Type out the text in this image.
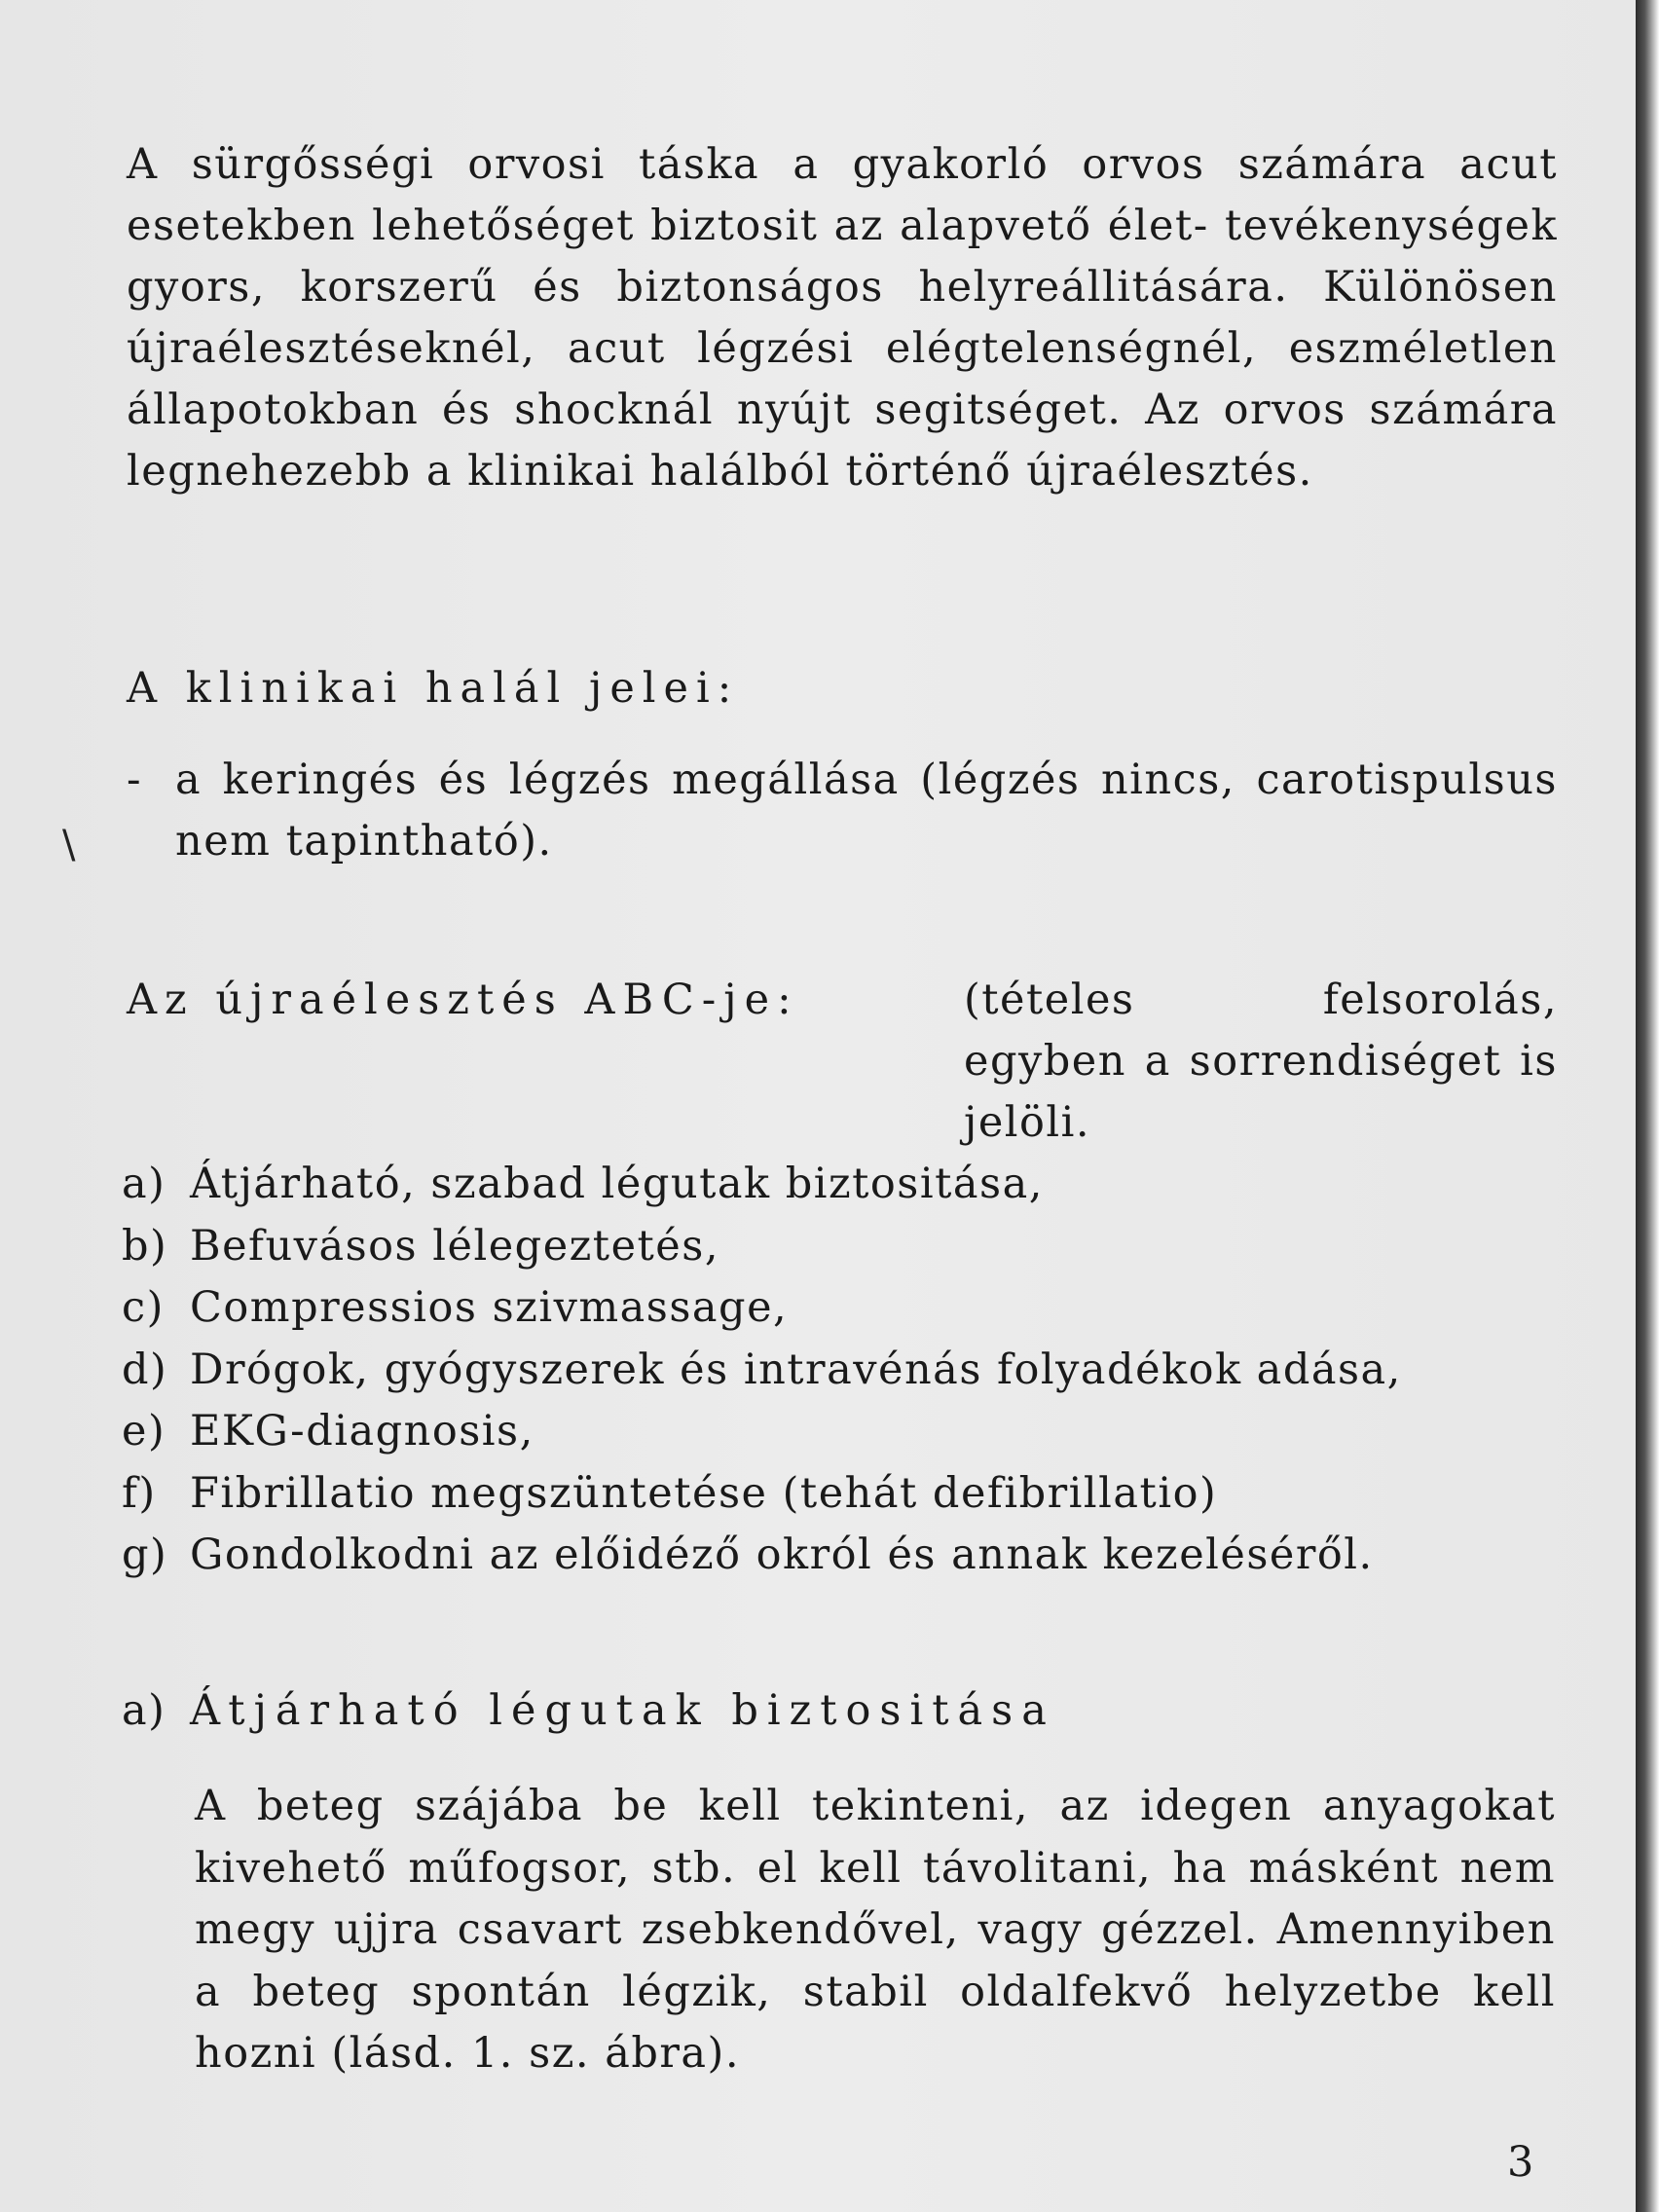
A sürgősségi orvosi táska a gyakorló orvos számára acut esetekben lehetőséget biztosit az alapvető élet- tevékenységek gyors, korszerű és biztonságos helyreállitására. Különösen újraélesztéseknél, acut légzési elégtelenségnél, eszméletlen állapotokban és shocknál nyújt segitséget. Az orvos számára legnehezebb a klinikai halálból történő újraélesztés.

A klinikai halál jelei:
- a keringés és légzés megállása (légzés nincs, carotispulsus nem tapintható).
\
Az újraélesztés ABC-je:	(tételes felsorolás, egyben a sorrendiséget is jelöli.
a) Átjárható, szabad légutak biztositása,
b) Befuvásos lélegeztetés,
c) Compressios szivmassage,
d) Drógok, gyógyszerek és intravénás folyadékok adása,
e) EKG-diagnosis,
f) Fibrillatio megszüntetése (tehát defibrillatio)
g) Gondolkodni az előidéző okról és annak kezeléséről.
a) Átjárható légutak biztositása
A beteg szájába be kell tekinteni, az idegen anyagokat kivehető műfogsor, stb. el kell távolitani, ha másként nem megy ujjra csavart zsebkendővel, vagy gézzel. Amennyiben a beteg spontán légzik, stabil oldalfekvő helyzetbe kell hozni (lásd. 1. sz. ábra).
3
